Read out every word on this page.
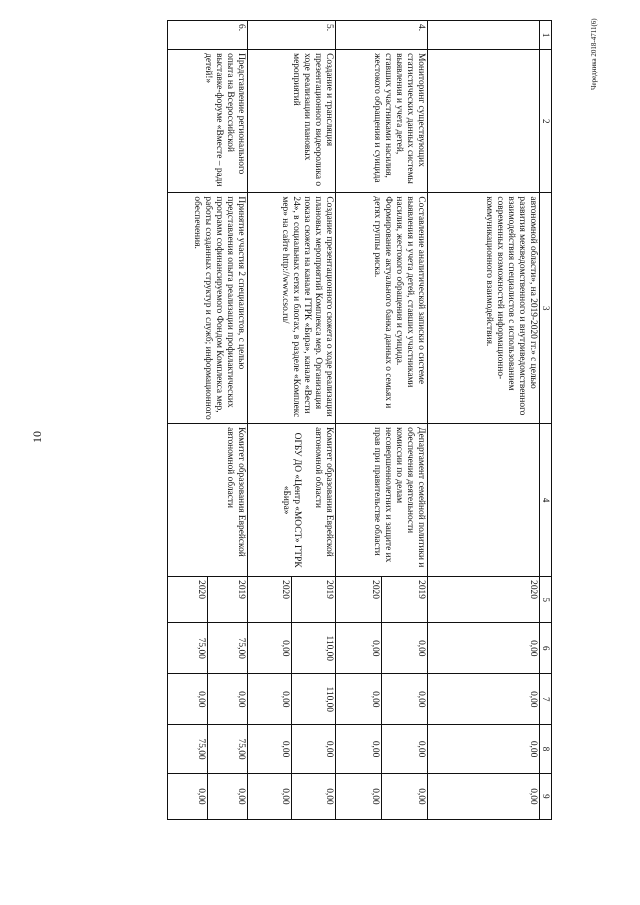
10
Чередника 2018-4711(6)
1	2	3	4	5	6	7	8	9
		автономной области», на 2019-2020 гг.» с целью развития межведомственного и внутриведомственного взаимодействия специалистов с использованием современных возможностей информационно-коммуникационного взаимодействия.		2020	0,00	0,00	0,00	0,00
4.	Мониторинг существующих статистических данных системы выявления и учета детей, ставших участниками насилия, жестокого обращения и суицида	Составление аналитической записки о системе выявления и учета детей, ставших участниками насилия, жестокого обращения и суицида.
Формирование актуального банка данных о семьях и детях группы риска.	Департамент семейной политики и обеспечения деятельности комиссии по делам несовершеннолетних и защите их прав при правительстве области	2019	0,00	0,00	0,00	0,00
				2020	0,00	0,00	0,00	0,00
5.	Создание и трансляция презентационного видеоролика о ходе реализации плановых мероприятий	Создание презентационного сюжета о ходе реализации плановых мероприятий Комплекса мер. Организация показа сюжета на канале ГТРК «Бира», канале «Вести 24», в социальных сетях и блогах, в разделе «Комплекс мер» на сайте http://www.cso.ru/	Комитет образования Еврейской автономной области
ОГБУ ДО «Центр «МОСТ» ГТРК «Бира»	2019	110,00	110,00	0,00	0,00
				2020	0,00	0,00	0,00	0,00
6.	Представление регионального опыта на Всероссийской выставке-форуме «Вместе – ради детей!»	Принятие участия 2 специалистов, с целью представления опыта реализации профилактических программ софинансируемого Фондом Комплекса мер, работы созданных структур и служб; информационного обеспечения.	Комитет образования Еврейской автономной области	2019	75,00	0,00	75,00	0,00
				2020	75,00	0,00	75,00	0,00
